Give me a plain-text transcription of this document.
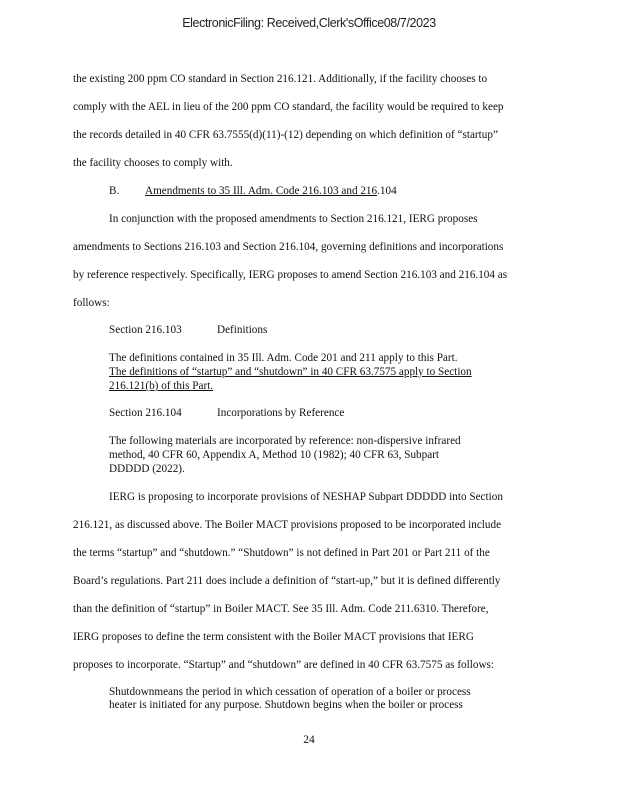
ElectronicFiling: Received,Clerk'sOffice08/7/2023
the existing 200 ppm CO standard in Section 216.121. Additionally, if the facility chooses to
comply with the AEL in lieu of the 200 ppm CO standard, the facility would be required to keep
the records detailed in 40 CFR 63.7555(d)(11)-(12) depending on which definition of “startup”
the facility chooses to comply with.
B. Amendments to 35 Ill. Adm. Code 216.103 and 216.104
In conjunction with the proposed amendments to Section 216.121, IERG proposes
amendments to Sections 216.103 and Section 216.104, governing definitions and incorporations
by reference respectively. Specifically, IERG proposes to amend Section 216.103 and 216.104 as
follows:
Section 216.103	Definitions
The definitions contained in 35 Ill. Adm. Code 201 and 211 apply to this Part.
The definitions of “startup” and “shutdown” in 40 CFR 63.7575 apply to Section
216.121(b) of this Part.
Section 216.104	Incorporations by Reference
The following materials are incorporated by reference: non-dispersive infrared
method, 40 CFR 60, Appendix A, Method 10 (1982); 40 CFR 63, Subpart
DDDDD (2022).
IERG is proposing to incorporate provisions of NESHAP Subpart DDDDD into Section
216.121, as discussed above. The Boiler MACT provisions proposed to be incorporated include
the terms “startup” and “shutdown.” “Shutdown” is not defined in Part 201 or Part 211 of the
Board’s regulations. Part 211 does include a definition of “start-up,” but it is defined differently
than the definition of “startup” in Boiler MACT. See 35 Ill. Adm. Code 211.6310. Therefore,
IERG proposes to define the term consistent with the Boiler MACT provisions that IERG
proposes to incorporate. “Startup” and “shutdown” are defined in 40 CFR 63.7575 as follows:
Shutdownmeans the period in which cessation of operation of a boiler or process
heater is initiated for any purpose. Shutdown begins when the boiler or process
24
